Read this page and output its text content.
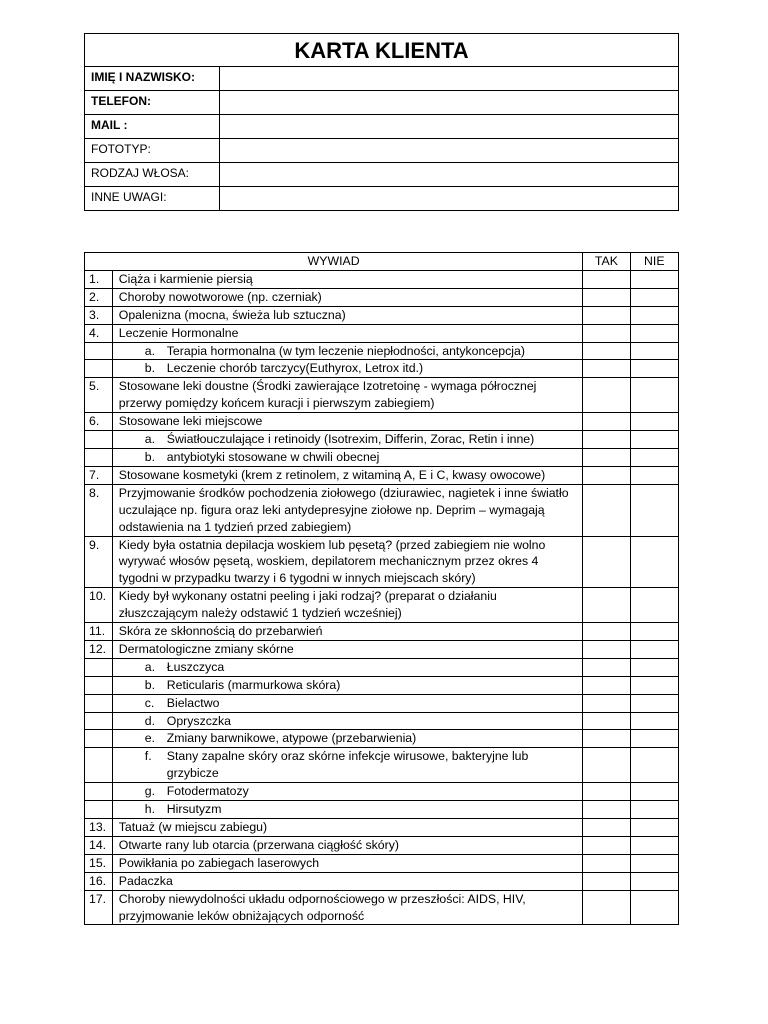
KARTA KLIENTA	
IMIĘ I NAZWISKO:	
TELEFON:	
MAIL :	
FOTOTYP:	
RODZAJ WŁOSA:	
INNE UWAGI:	
WYWIAD		TAK	NIE
1.	Ciąża i karmienie piersią		
2.	Choroby nowotworowe (np. czerniak)		
3.	Opalenizna (mocna, świeża lub sztuczna)		
4.	Leczenie Hormonalne		

	a. Terapia hormonalna (w tym leczenie niepłodności, antykoncepcja)		

	b. Leczenie chorób tarczycy(Euthyrox, Letrox itd.)		

5.	Stosowane leki doustne (Środki zawierające Izotretoinę - wymaga półrocznej przerwy pomiędzy końcem kuracji i pierwszym zabiegiem)		
6.	Stosowane leki miejscowe		

	a. Światłouczulające i retinoidy (Isotrexim, Differin, Zorac, Retin i inne)		

	b. antybiotyki stosowane w chwili obecnej		

7.	Stosowane kosmetyki (krem z retinolem, z witaminą A, E i C, kwasy owocowe)		
8.	Przyjmowanie środków pochodzenia ziołowego (dziurawiec, nagietek i inne światło uczulające np. figura oraz leki antydepresyjne ziołowe np. Deprim – wymagają odstawienia na 1 tydzień przed zabiegiem)		
9.	Kiedy była ostatnia depilacja woskiem lub pęsetą? (przed zabiegiem nie wolno wyrywać włosów pęsetą, woskiem, depilatorem mechanicznym przez okres 4 tygodni w przypadku twarzy i 6 tygodni w innych miejscach skóry)		
10.	Kiedy był wykonany ostatni peeling i jaki rodzaj? (preparat o działaniu złuszczającym należy odstawić 1 tydzień wcześniej)		
11.	Skóra ze skłonnością do przebarwień		
12.	Dermatologiczne zmiany skórne		

	a. Łuszczyca		

	b. Reticularis (marmurkowa skóra)		

	c. Bielactwo		

	d. Opryszczka		

	e. Zmiany barwnikowe, atypowe (przebarwienia)		

	f. Stany zapalne skóry oraz skórne infekcje wirusowe, bakteryjne lub grzybicze		

	g. Fotodermatozy		

	h. Hirsutyzm		

13.	Tatuaż (w miejscu zabiegu)		
14.	Otwarte rany lub otarcia (przerwana ciągłość skóry)		
15.	Powikłania po zabiegach laserowych		
16.	Padaczka		
17.	Choroby niewydolności układu odpornościowego w przeszłości: AIDS, HIV, przyjmowanie leków obniżających odporność		
